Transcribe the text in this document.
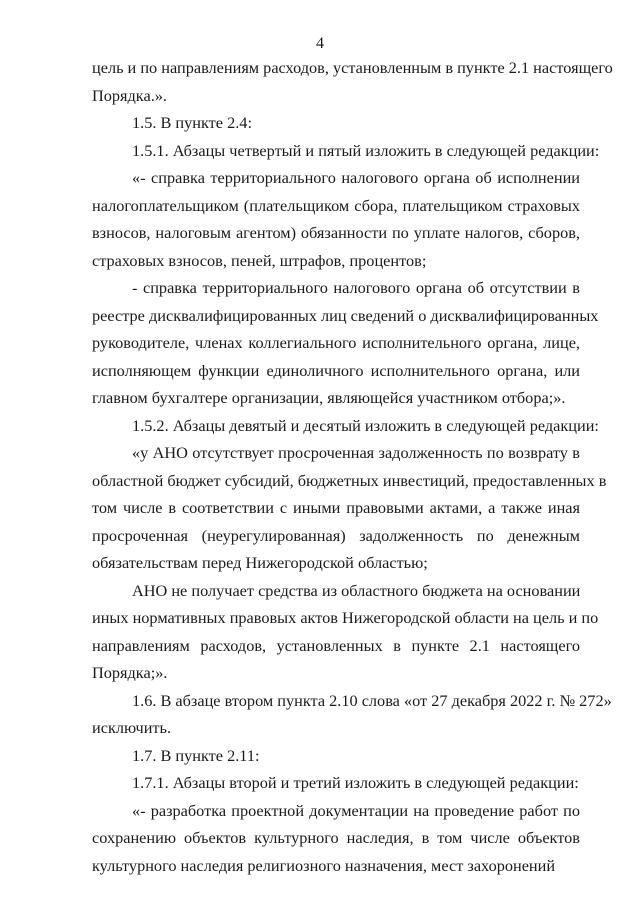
4
цель и по направлениям расходов, установленным в пункте 2.1 настоящего
Порядка.».
1.5. В пункте 2.4:
1.5.1. Абзацы четвертый и пятый изложить в следующей редакции:
«- справка территориального налогового органа об исполнении
налогоплательщиком (плательщиком сбора, плательщиком страховых
взносов, налоговым агентом) обязанности по уплате налогов, сборов,
страховых взносов, пеней, штрафов, процентов;
- справка территориального налогового органа об отсутствии в
реестре дисквалифицированных лиц сведений о дисквалифицированных
руководителе, членах коллегиального исполнительного органа, лице,
исполняющем функции единоличного исполнительного органа, или
главном бухгалтере организации, являющейся участником отбора;».
1.5.2. Абзацы девятый и десятый изложить в следующей редакции:
«у АНО отсутствует просроченная задолженность по возврату в
областной бюджет субсидий, бюджетных инвестиций, предоставленных в
том числе в соответствии с иными правовыми актами, а также иная
просроченная (неурегулированная) задолженность по денежным
обязательствам перед Нижегородской областью;
АНО не получает средства из областного бюджета на основании
иных нормативных правовых актов Нижегородской области на цель и по
направлениям расходов, установленных в пункте 2.1 настоящего
Порядка;».
1.6. В абзаце втором пункта 2.10 слова «от 27 декабря 2022 г. № 272»
исключить.
1.7. В пункте 2.11:
1.7.1. Абзацы второй и третий изложить в следующей редакции:
«- разработка проектной документации на проведение работ по
сохранению объектов культурного наследия, в том числе объектов
культурного наследия религиозного назначения, мест захоронений
